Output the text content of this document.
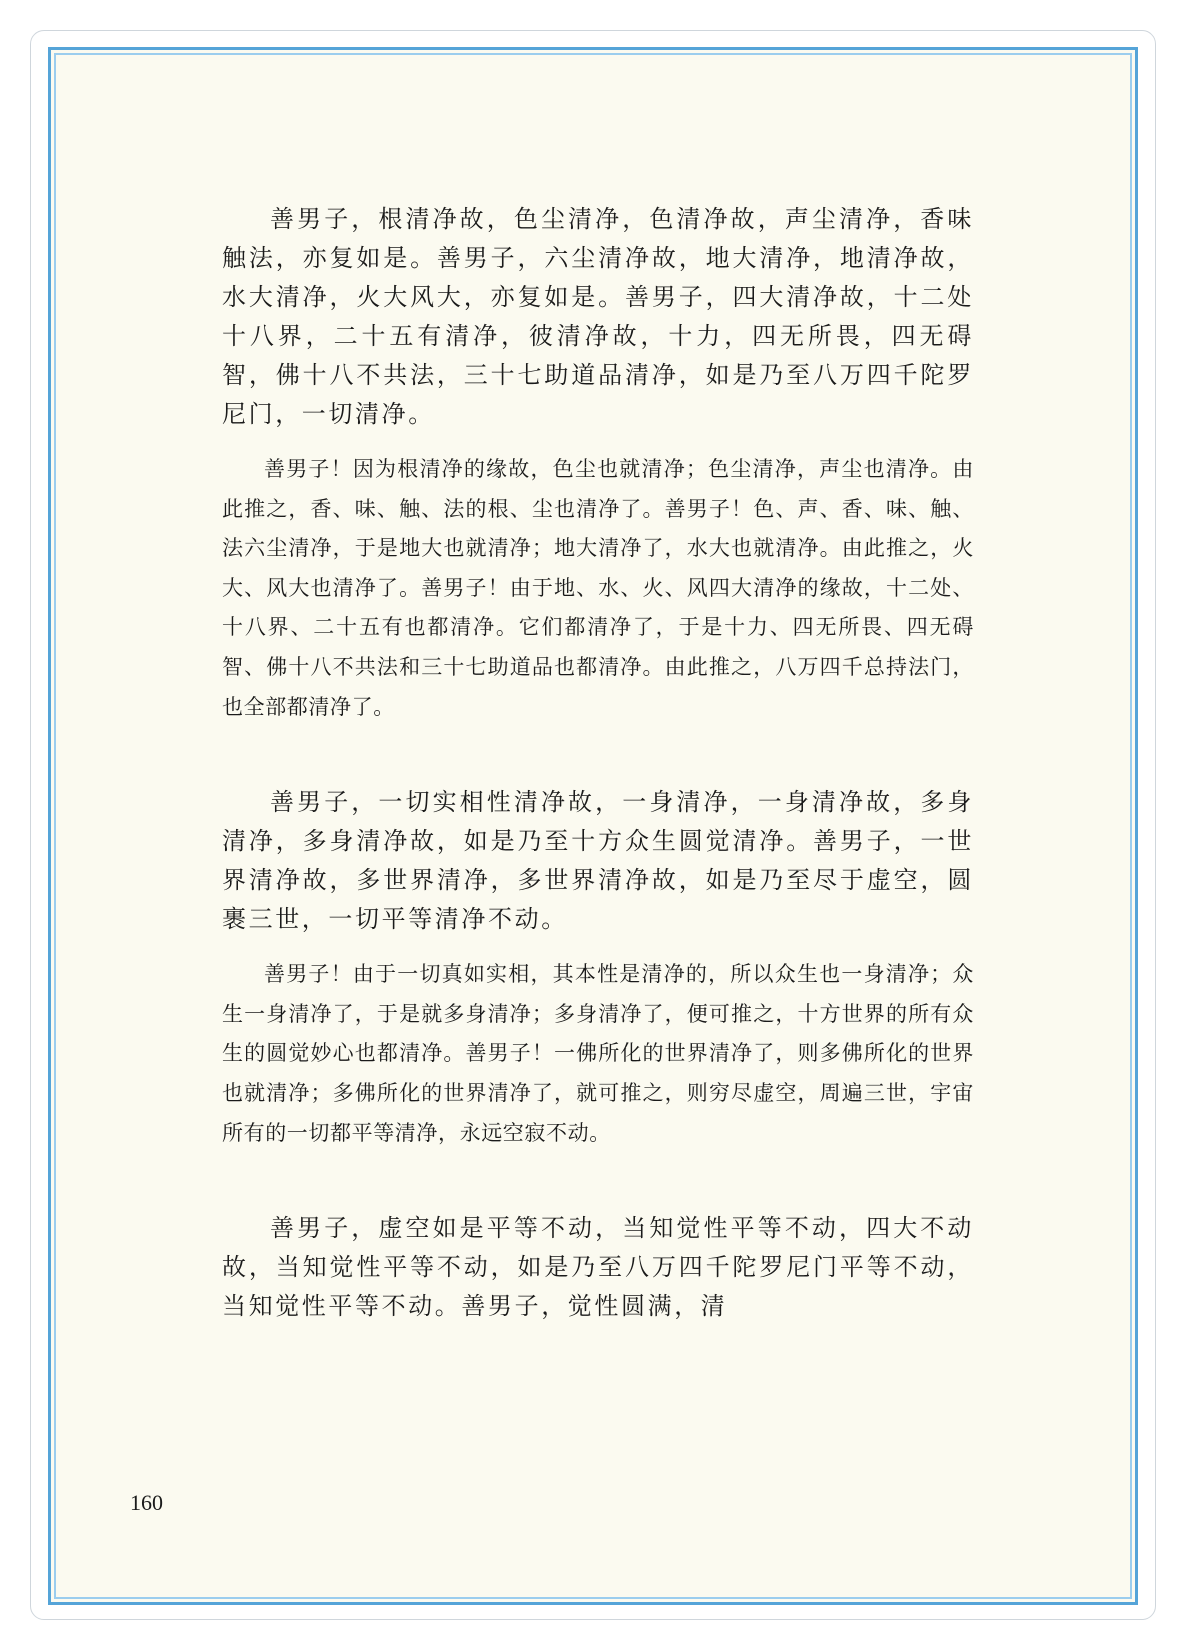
善男子，根清净故，色尘清净，色清净故，声尘清净，香味触法，亦复如是。善男子，六尘清净故，地大清净，地清净故，水大清净，火大风大，亦复如是。善男子，四大清净故，十二处十八界，二十五有清净，彼清净故，十力，四无所畏，四无碍智，佛十八不共法，三十七助道品清净，如是乃至八万四千陀罗尼门，一切清净。

善男子！因为根清净的缘故，色尘也就清净；色尘清净，声尘也清净。由此推之，香、味、触、法的根、尘也清净了。善男子！色、声、香、味、触、法六尘清净，于是地大也就清净；地大清净了，水大也就清净。由此推之，火大、风大也清净了。善男子！由于地、水、火、风四大清净的缘故，十二处、十八界、二十五有也都清净。它们都清净了，于是十力、四无所畏、四无碍智、佛十八不共法和三十七助道品也都清净。由此推之，八万四千总持法门，也全部都清净了。

善男子，一切实相性清净故，一身清净，一身清净故，多身清净，多身清净故，如是乃至十方众生圆觉清净。善男子，一世界清净故，多世界清净，多世界清净故，如是乃至尽于虚空，圆裹三世，一切平等清净不动。

善男子！由于一切真如实相，其本性是清净的，所以众生也一身清净；众生一身清净了，于是就多身清净；多身清净了，便可推之，十方世界的所有众生的圆觉妙心也都清净。善男子！一佛所化的世界清净了，则多佛所化的世界也就清净；多佛所化的世界清净了，就可推之，则穷尽虚空，周遍三世，宇宙所有的一切都平等清净，永远空寂不动。

善男子，虚空如是平等不动，当知觉性平等不动，四大不动故，当知觉性平等不动，如是乃至八万四千陀罗尼门平等不动，当知觉性平等不动。善男子，觉性圆满，清

160
